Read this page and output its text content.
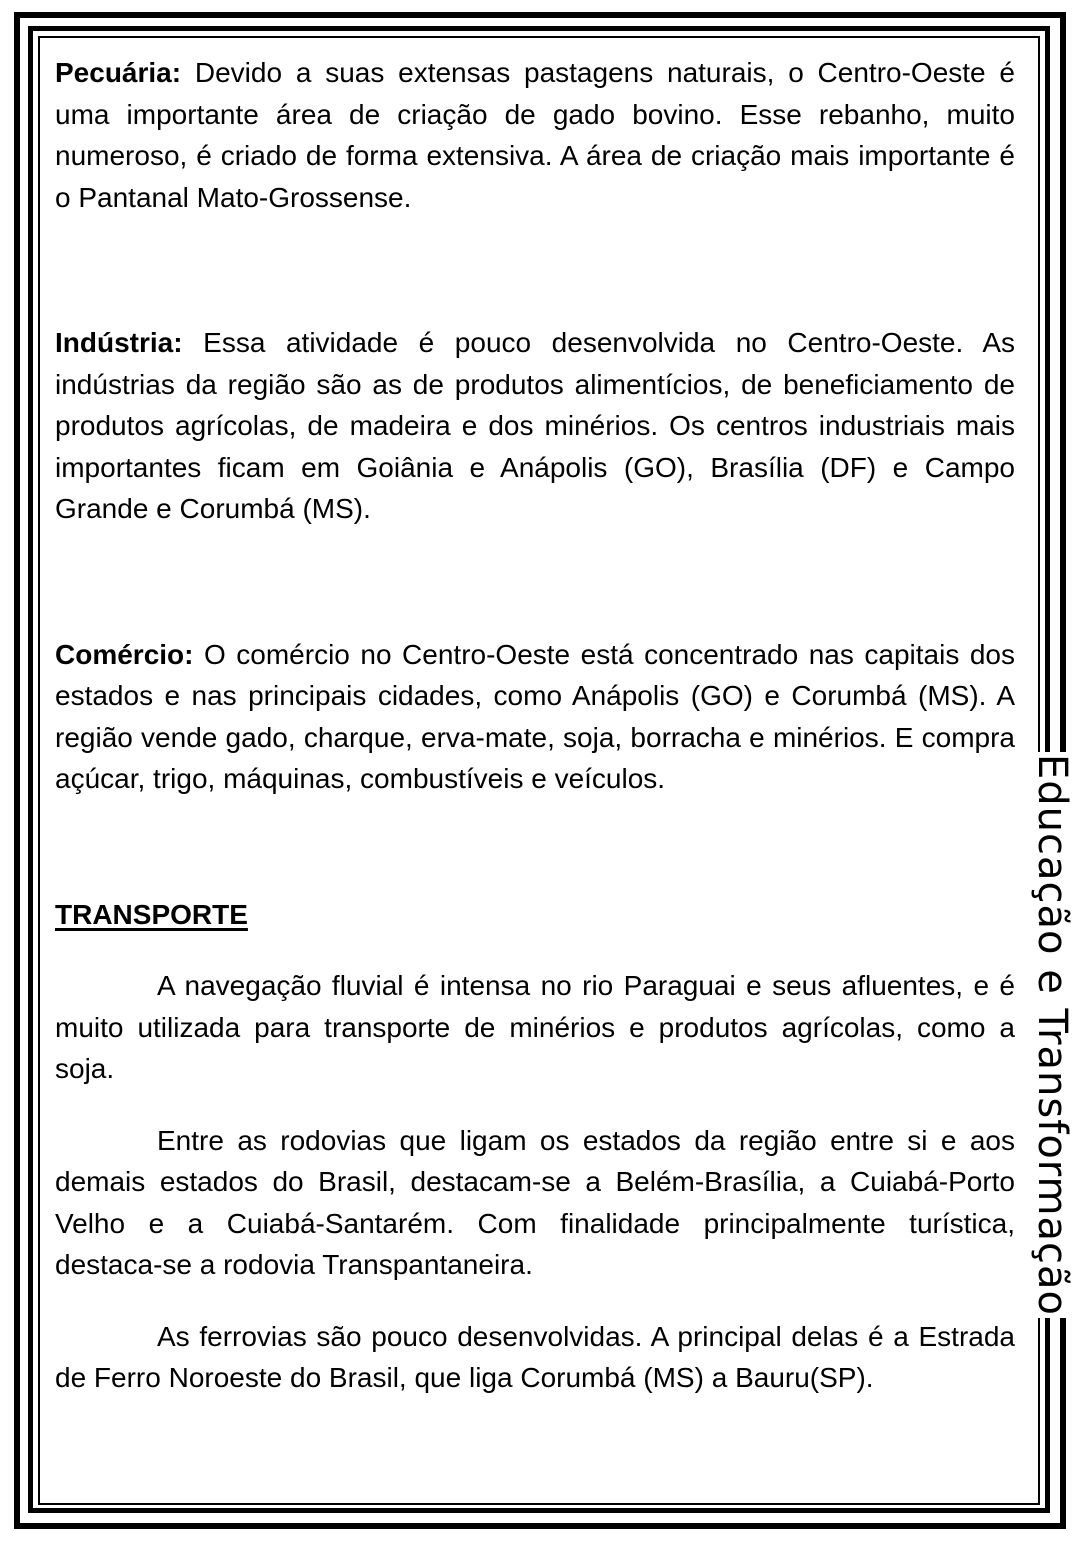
Pecuária: Devido a suas extensas pastagens naturais, o Centro-Oeste é uma importante área de criação de gado bovino. Esse rebanho, muito numeroso, é criado de forma extensiva. A área de criação mais importante é o Pantanal Mato-Grossense.

Indústria: Essa atividade é pouco desenvolvida no Centro-Oeste. As indústrias da região são as de produtos alimentícios, de beneficiamento de produtos agrícolas, de madeira e dos minérios. Os centros industriais mais importantes ficam em Goiânia e Anápolis (GO), Brasília (DF) e Campo Grande e Corumbá (MS).

Comércio: O comércio no Centro-Oeste está concentrado nas capitais dos estados e nas principais cidades, como Anápolis (GO) e Corumbá (MS). A região vende gado, charque, erva-mate, soja, borracha e minérios. E compra açúcar, trigo, máquinas, combustíveis e veículos.

TRANSPORTE

A navegação fluvial é intensa no rio Paraguai e seus afluentes, e é muito utilizada para transporte de minérios e produtos agrícolas, como a soja.

Entre as rodovias que ligam os estados da região entre si e aos demais estados do Brasil, destacam-se a Belém-Brasília, a Cuiabá-Porto Velho e a Cuiabá-Santarém. Com finalidade principalmente turística, destaca-se a rodovia Transpantaneira.

As ferrovias são pouco desenvolvidas. A principal delas é a Estrada de Ferro Noroeste do Brasil, que liga Corumbá (MS) a Bauru(SP).

Educação e Transformação
